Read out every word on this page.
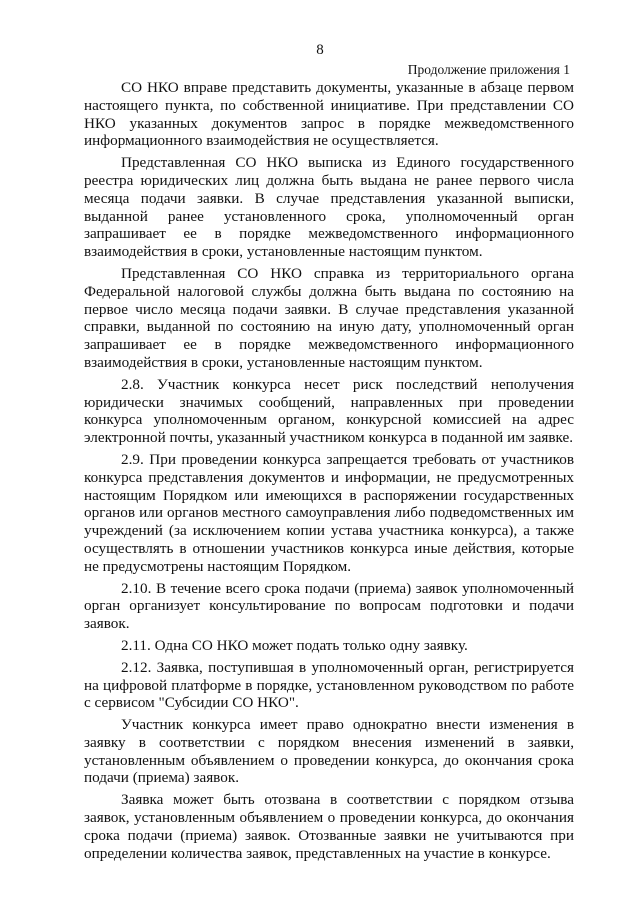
8
Продолжение приложения 1

СО НКО вправе представить документы, указанные в абзаце первом настоящего пункта, по собственной инициативе. При представлении СО НКО указанных документов запрос в порядке межведомственного информационного взаимодействия не осуществляется.

Представленная СО НКО выписка из Единого государственного реестра юридических лиц должна быть выдана не ранее первого числа месяца подачи заявки. В случае представления указанной выписки, выданной ранее установленного срока, уполномоченный орган запрашивает ее в порядке межведомственного информационного взаимодействия в сроки, установленные настоящим пунктом.

Представленная СО НКО справка из территориального органа Федеральной налоговой службы должна быть выдана по состоянию на первое число месяца подачи заявки. В случае представления указанной справки, выданной по состоянию на иную дату, уполномоченный орган запрашивает ее в порядке межведомственного информационного взаимодействия в сроки, установленные настоящим пунктом.

2.8. Участник конкурса несет риск последствий неполучения юридически значимых сообщений, направленных при проведении конкурса уполномоченным органом, конкурсной комиссией на адрес электронной почты, указанный участником конкурса в поданной им заявке.

2.9. При проведении конкурса запрещается требовать от участников конкурса представления документов и информации, не предусмотренных настоящим Порядком или имеющихся в распоряжении государственных органов или органов местного самоуправления либо подведомственных им учреждений (за исключением копии устава участника конкурса), а также осуществлять в отношении участников конкурса иные действия, которые не предусмотрены настоящим Порядком.

2.10. В течение всего срока подачи (приема) заявок уполномоченный орган организует консультирование по вопросам подготовки и подачи заявок.

2.11. Одна СО НКО может подать только одну заявку.

2.12. Заявка, поступившая в уполномоченный орган, регистрируется на цифровой платформе в порядке, установленном руководством по работе с сервисом "Субсидии СО НКО".

Участник конкурса имеет право однократно внести изменения в заявку в соответствии с порядком внесения изменений в заявки, установленным объявлением о проведении конкурса, до окончания срока подачи (приема) заявок.

Заявка может быть отозвана в соответствии с порядком отзыва заявок, установленным объявлением о проведении конкурса, до окончания срока подачи (приема) заявок. Отозванные заявки не учитываются при определении количества заявок, представленных на участие в конкурсе.
